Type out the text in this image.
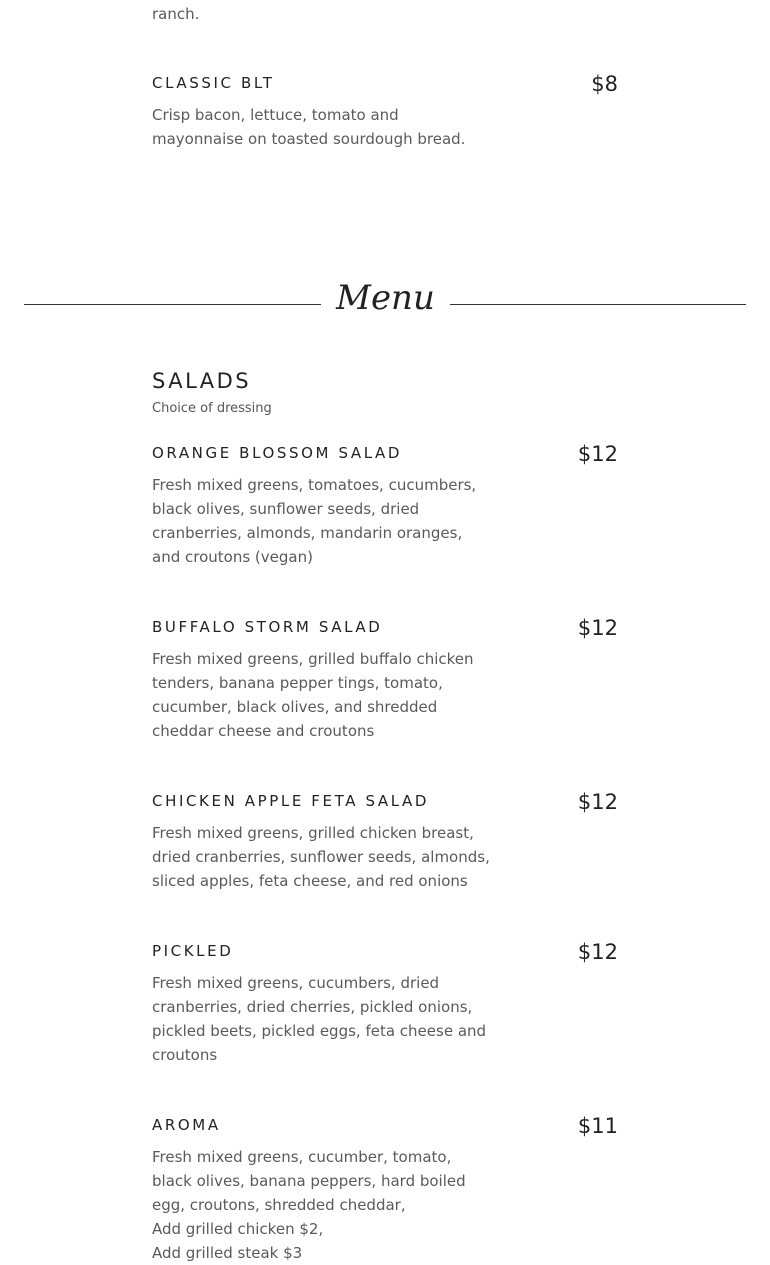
ranch.
CLASSIC BLT	$8
Crisp bacon, lettuce, tomato and mayonnaise on toasted sourdough bread.
Menu
SALADS
Choice of dressing
ORANGE BLOSSOM SALAD	$12
Fresh mixed greens, tomatoes, cucumbers, black olives, sunflower seeds, dried cranberries, almonds, mandarin oranges, and croutons (vegan)
BUFFALO STORM SALAD	$12
Fresh mixed greens, grilled buffalo chicken tenders, banana pepper tings, tomato, cucumber, black olives, and shredded cheddar cheese and croutons
CHICKEN APPLE FETA SALAD	$12
Fresh mixed greens, grilled chicken breast, dried cranberries, sunflower seeds, almonds, sliced apples, feta cheese, and red onions
PICKLED	$12
Fresh mixed greens, cucumbers, dried cranberries, dried cherries, pickled onions, pickled beets, pickled eggs, feta cheese and croutons
AROMA	$11
Fresh mixed greens, cucumber, tomato, black olives, banana peppers, hard boiled egg, croutons, shredded cheddar,
Add grilled chicken $2,
Add grilled steak $3
